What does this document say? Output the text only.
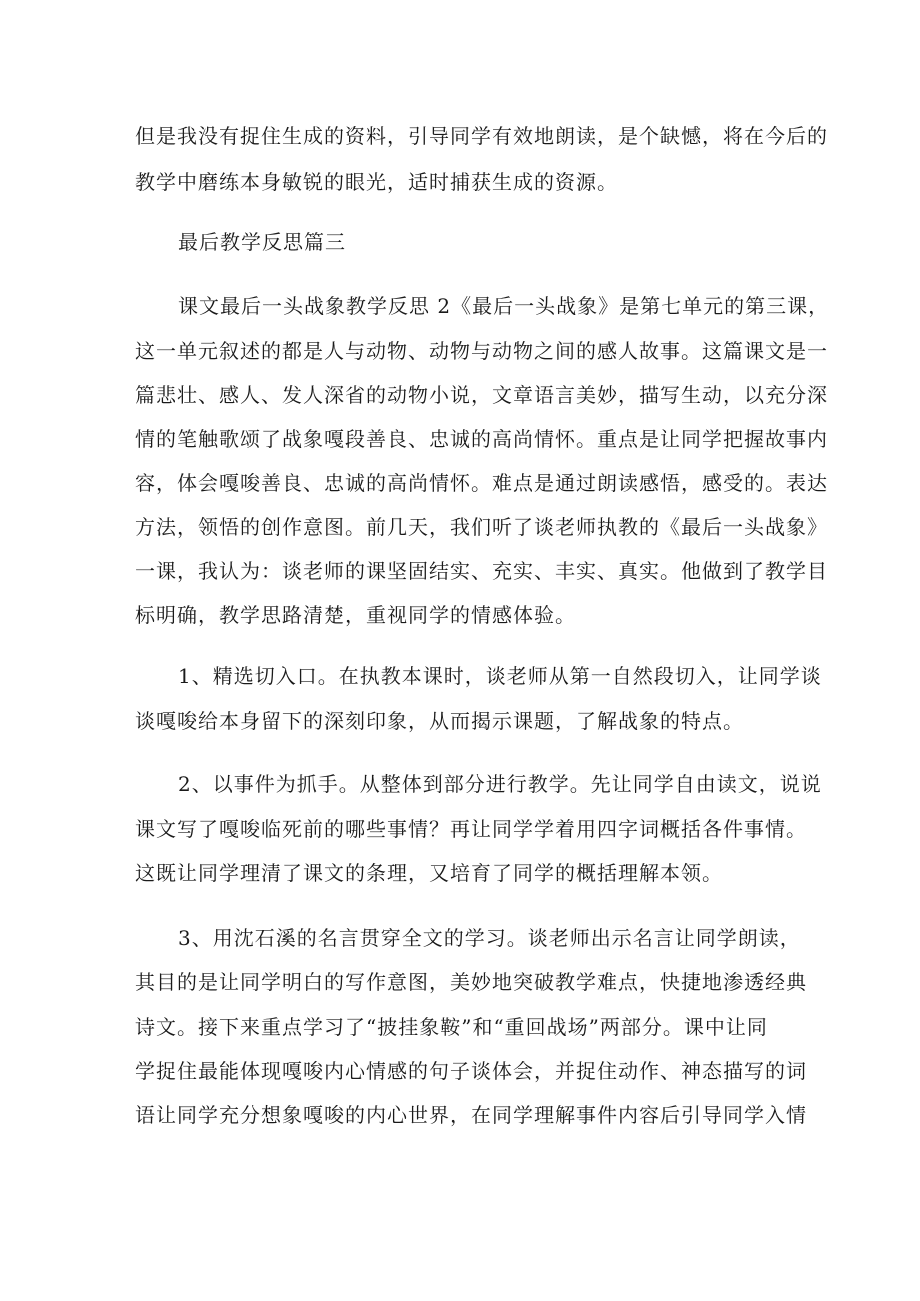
但是我没有捉住生成的资料，引导同学有效地朗读，是个缺憾，将在今后的
教学中磨练本身敏锐的眼光，适时捕获生成的资源。
最后教学反思篇三
课文最后一头战象教学反思 2《最后一头战象》是第七单元的第三课，
这一单元叙述的都是人与动物、动物与动物之间的感人故事。这篇课文是一
篇悲壮、感人、发人深省的动物小说，文章语言美妙，描写生动，以充分深
情的笔触歌颂了战象嘎段善良、忠诚的高尚情怀。重点是让同学把握故事内
容，体会嘎唆善良、忠诚的高尚情怀。难点是通过朗读感悟，感受的。表达
方法，领悟的创作意图。前几天，我们听了谈老师执教的《最后一头战象》
一课，我认为：谈老师的课坚固结实、充实、丰实、真实。他做到了教学目
标明确，教学思路清楚，重视同学的情感体验。
1、精选切入口。在执教本课时，谈老师从第一自然段切入，让同学谈
谈嘎唆给本身留下的深刻印象，从而揭示课题，了解战象的特点。
2、以事件为抓手。从整体到部分进行教学。先让同学自由读文，说说
课文写了嘎唆临死前的哪些事情？再让同学学着用四字词概括各件事情。
这既让同学理清了课文的条理，又培育了同学的概括理解本领。
3、用沈石溪的名言贯穿全文的学习。谈老师出示名言让同学朗读，
其目的是让同学明白的写作意图，美妙地突破教学难点，快捷地渗透经典
诗文。接下来重点学习了“披挂象鞍”和“重回战场”两部分。课中让同
学捉住最能体现嘎唆内心情感的句子谈体会，并捉住动作、神态描写的词
语让同学充分想象嘎唆的内心世界，在同学理解事件内容后引导同学入情
